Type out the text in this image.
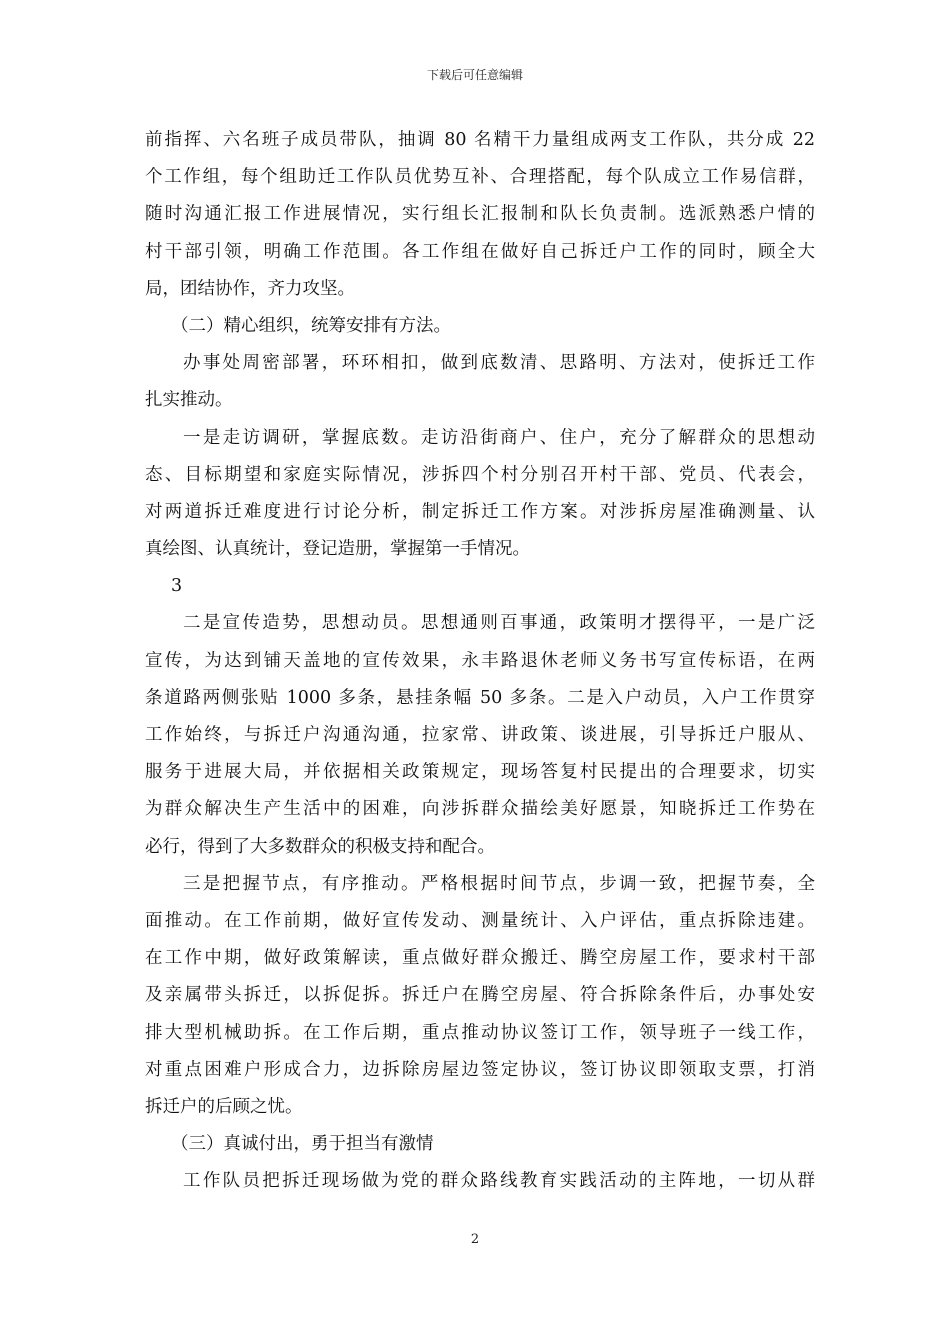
下载后可任意编辑
前指挥、六名班子成员带队，抽调 80 名精干力量组成两支工作队，共分成 22
个工作组，每个组助迁工作队员优势互补、合理搭配，每个队成立工作易信群，
随时沟通汇报工作进展情况，实行组长汇报制和队长负责制。选派熟悉户情的
村干部引领，明确工作范围。各工作组在做好自己拆迁户工作的同时，顾全大
局，团结协作，齐力攻坚。
（二）精心组织，统筹安排有方法。
办事处周密部署，环环相扣，做到底数清、思路明、方法对，使拆迁工作
扎实推动。
一是走访调研，掌握底数。走访沿街商户、住户，充分了解群众的思想动
态、目标期望和家庭实际情况，涉拆四个村分别召开村干部、党员、代表会，
对两道拆迁难度进行讨论分析，制定拆迁工作方案。对涉拆房屋准确测量、认
真绘图、认真统计，登记造册，掌握第一手情况。
3
二是宣传造势，思想动员。思想通则百事通，政策明才摆得平，一是广泛
宣传，为达到铺天盖地的宣传效果，永丰路退休老师义务书写宣传标语，在两
条道路两侧张贴 1000 多条，悬挂条幅 50 多条。二是入户动员，入户工作贯穿
工作始终，与拆迁户沟通沟通，拉家常、讲政策、谈进展，引导拆迁户服从、
服务于进展大局，并依据相关政策规定，现场答复村民提出的合理要求，切实
为群众解决生产生活中的困难，向涉拆群众描绘美好愿景，知晓拆迁工作势在
必行，得到了大多数群众的积极支持和配合。
三是把握节点，有序推动。严格根据时间节点，步调一致，把握节奏，全
面推动。在工作前期，做好宣传发动、测量统计、入户评估，重点拆除违建。
在工作中期，做好政策解读，重点做好群众搬迁、腾空房屋工作，要求村干部
及亲属带头拆迁，以拆促拆。拆迁户在腾空房屋、符合拆除条件后，办事处安
排大型机械助拆。在工作后期，重点推动协议签订工作，领导班子一线工作，
对重点困难户形成合力，边拆除房屋边签定协议，签订协议即领取支票，打消
拆迁户的后顾之忧。
（三）真诚付出，勇于担当有激情
工作队员把拆迁现场做为党的群众路线教育实践活动的主阵地，一切从群
2
